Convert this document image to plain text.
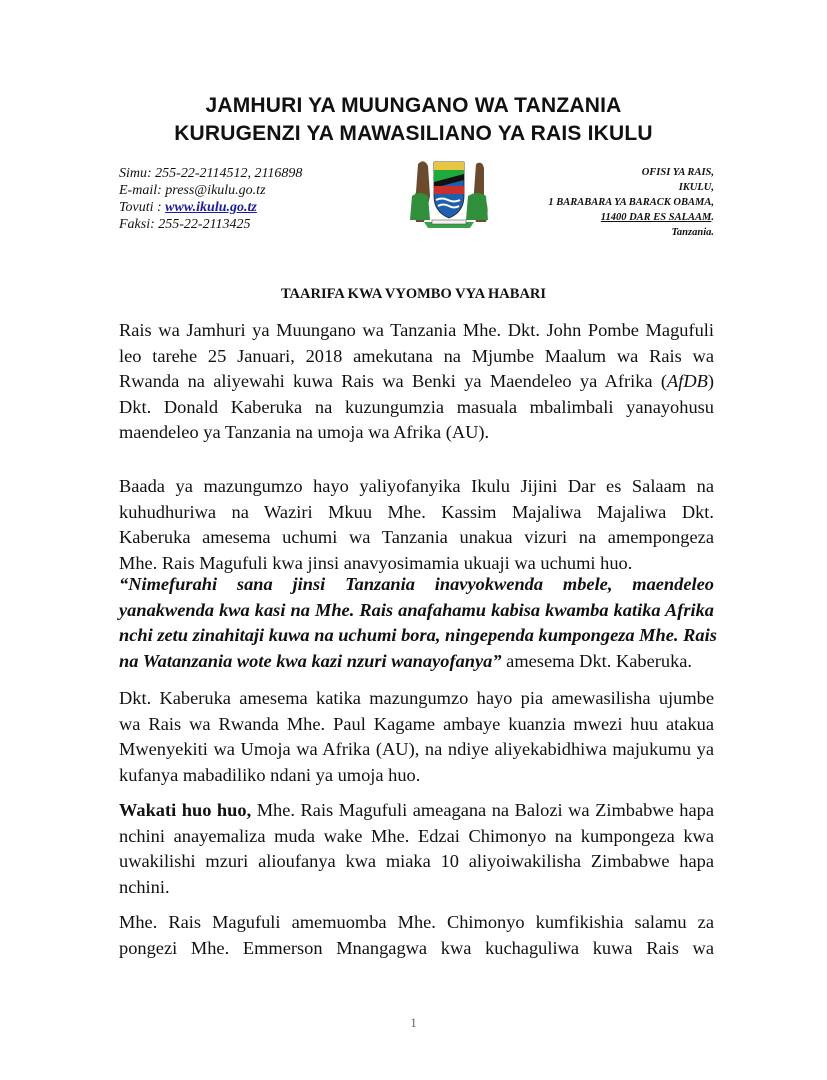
JAMHURI YA MUUNGANO WA TANZANIA
KURUGENZI YA MAWASILIANO YA RAIS IKULU
Simu: 255-22-2114512, 2116898
E-mail: press@ikulu.go.tz
Tovuti : www.ikulu.go.tz
Faksi: 255-22-2113425
OFISI YA RAIS,
IKULU,
1 BARABARA YA BARACK OBAMA,
11400 DAR ES SALAAM.
Tanzania.
TAARIFA KWA VYOMBO VYA HABARI
Rais wa Jamhuri ya Muungano wa Tanzania Mhe. Dkt. John Pombe Magufuli
leo tarehe 25 Januari, 2018 amekutana na Mjumbe Maalum wa Rais wa
Rwanda na aliyewahi kuwa Rais wa Benki ya Maendeleo ya Afrika (AfDB)
Dkt. Donald Kaberuka na kuzungumzia masuala mbalimbali yanayohusu
maendeleo ya Tanzania na umoja wa Afrika (AU).
Baada ya mazungumzo hayo yaliyofanyika Ikulu Jijini Dar es Salaam na
kuhudhuriwa na Waziri Mkuu Mhe. Kassim Majaliwa Majaliwa Dkt.
Kaberuka amesema uchumi wa Tanzania unakua vizuri na amempongeza
Mhe. Rais Magufuli kwa jinsi anavyosimamia ukuaji wa uchumi huo.
“Nimefurahi sana jinsi Tanzania inavyokwenda mbele, maendeleo
yanakwenda kwa kasi na Mhe. Rais anafahamu kabisa kwamba katika Afrika
nchi zetu zinahitaji kuwa na uchumi bora, ningependa kumpongeza Mhe. Rais
na Watanzania wote kwa kazi nzuri wanayofanya” amesema Dkt. Kaberuka.
Dkt. Kaberuka amesema katika mazungumzo hayo pia amewasilisha ujumbe
wa Rais wa Rwanda Mhe. Paul Kagame ambaye kuanzia mwezi huu atakua
Mwenyekiti wa Umoja wa Afrika (AU), na ndiye aliyekabidhiwa majukumu ya
kufanya mabadiliko ndani ya umoja huo.
Wakati huo huo, Mhe. Rais Magufuli ameagana na Balozi wa Zimbabwe hapa
nchini anayemaliza muda wake Mhe. Edzai Chimonyo na kumpongeza kwa
uwakilishi mzuri alioufanya kwa miaka 10 aliyoiwakilisha Zimbabwe hapa
nchini.
Mhe. Rais Magufuli amemuomba Mhe. Chimonyo kumfikishia salamu za
pongezi Mhe. Emmerson Mnangagwa kwa kuchaguliwa kuwa Rais wa
1
